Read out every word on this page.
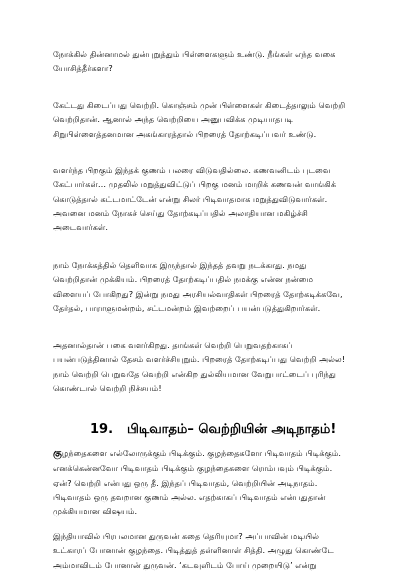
நோக்கில் தின்னாமல் துன்புறுத்தும் பிள்ளைகளும் உண்டு. நீங்கள் எந்த வகை
யோசித்தீர்களா?

கேட்டது கிடைப்பது வெற்றி. கொஞ்சம் முன் பிள்ளைகள் கிடைத்தாலும் வெற்றி
வெற்றிதான். ஆனால் அந்த வெற்றியை அனுபவிக்க முடியாதபடி
சிறுபிள்ளைத்தனமான அகங்காரத்தால் பிறரைத் தோற்கடிப்பவர் உண்டு.

வளர்ந்த பிறகும் இந்தக் குணம் பலரை விடுவதில்லை. கணவனிடம் புடவை
கேட்பார்கள்… முதலில் மறுத்துவிட்டுப் பிறகு மனம் மாறிக் கணவன் வாங்கிக்
கொடுத்தால் கட்டமாட்டேன் என்று சிலர் பிடிவாதமாக மறுத்துவிடுவார்கள்.
அவனை மனம் நோகச் செய்து தோற்கடிப்பதில் அலாதியான மகிழ்ச்சி
அடைவார்கள்.

நாம் நோக்கத்தில் தெளிவாக இருந்தால் இந்தத் தவறு நடக்காது. நமது
வெற்றிதான் முக்கியம். பிறரைத் தோற்கடிப்பதில் நமக்கு என்ன நன்மை
விளையப் போகிறது? இன்று நமது அரசியல்வாதிகள் பிறரைத் தோற்கடிக்கவே,
தேர்தல், பாராளுமன்றம், சட்டமன்றம் இவற்றைப் பயன்படுத்துகிறார்கள்.

அதனால்தான் பகை வளர்கிறது. தாங்கள் வெற்றி பெறுவதற்காகப்
பயன்படுத்தினால் தேசம் வளர்ச்சியுறும். பிறரைத் தோற்கடிப்பது வெற்றி அல்ல!
நாம் வெற்றி பெறுவதே வெற்றி என்கிற துல்லியமான வேறுபாட்டைப் புரிந்து
கொண்டால் வெற்றி நிச்சயம்!

19. பிடிவாதம்– வெற்றியின் அடிநாதம்!

குழந்தைகளை எல்லோருக்கும் பிடிக்கும். குழந்தைகளோ பிடிவாதம் பிடிக்கும்.
எனக்கென்னவோ பிடிவாதம் பிடிக்கும் குழந்தைகளை ரொம்பவும் பிடிக்கும்.
ஏன்? வெற்றி என்பது ஒரு தீ. இந்தப் பிடிவாதம், வெற்றியின் அடிநாதம்.
பிடிவாதம் ஒரு தவறான குணம் அல்ல. எதற்காகப் பிடிவாதம் என்பதுதான்
முக்கியமான விஷயம்.

இந்தியாவில் பிரபலமான துருவன் கதை தெரியுமா? அப்பாவின் மடியில்
உட்காரப் போனான் குழந்தை. பிடித்துத் தள்ளினாள் சித்தி. அழுது கொண்டே
அம்மாவிடம் போனான் துருவன். ‘கடவுளிடம் போய் முறையிடு’ என்று
